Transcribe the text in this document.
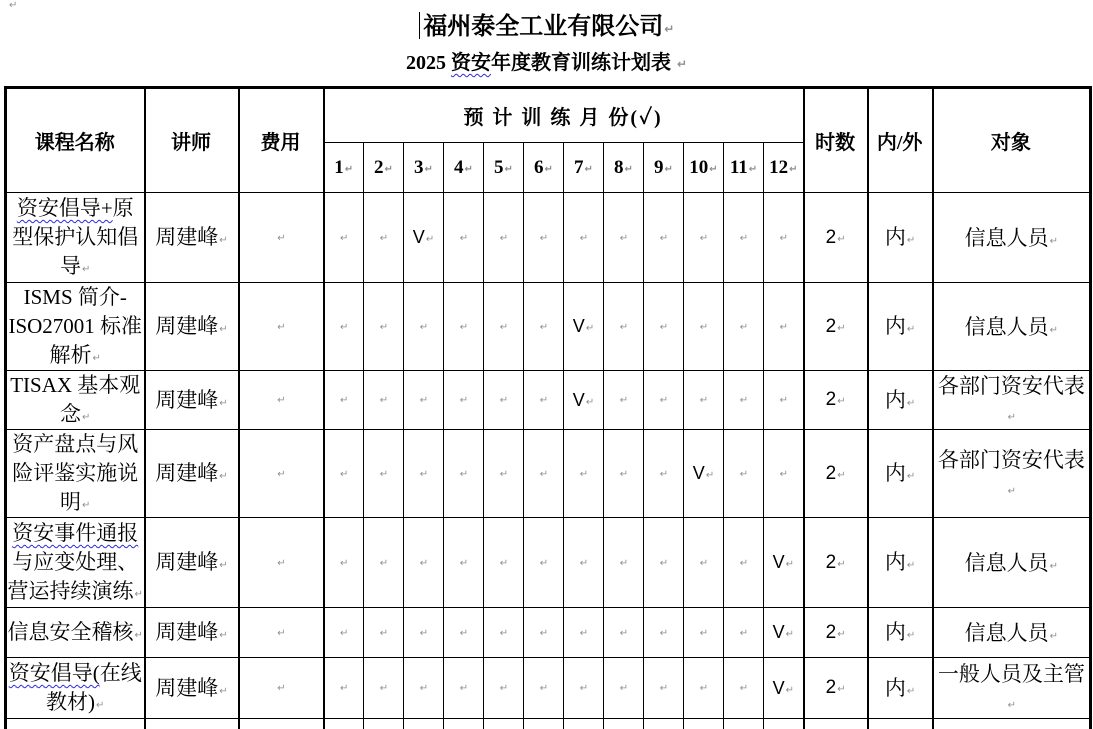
↵
福州泰全工业有限公司↵
2025 资安年度教育训练计划表 ↵
课程名称	讲师	费用	预 计 训 练 月 份(✓)												时数	内/外	对象
			1↵	2↵	3↵	4↵	5↵	6↵	7↵	8↵	9↵	10↵	11↵	12↵			
资安倡导+原型保护认知倡导↵	周建峰↵	↵	↵	↵	V↵	↵	↵	↵	↵	↵	↵	↵	↵	↵	2↵	内↵	信息人员↵
ISMS 简介-ISO27001 标准解析↵	周建峰↵	↵	↵	↵	↵	↵	↵	↵	V↵	↵	↵	↵	↵	↵	2↵	内↵	信息人员↵
TISAX 基本观念↵	周建峰↵	↵	↵	↵	↵	↵	↵	↵	V↵	↵	↵	↵	↵	↵	2↵	内↵	各部门资安代表↵
资产盘点与风险评鉴实施说明↵	周建峰↵	↵	↵	↵	↵	↵	↵	↵	↵	↵	↵	V↵	↵	↵	2↵	内↵	各部门资安代表↵
资安事件通报与应变处理、营运持续演练↵	周建峰↵	↵	↵	↵	↵	↵	↵	↵	↵	↵	↵	↵	↵	V↵	2↵	内↵	信息人员↵
信息安全稽核↵	周建峰↵	↵	↵	↵	↵	↵	↵	↵	↵	↵	↵	↵	↵	V↵	2↵	内↵	信息人员↵
资安倡导(在线教材)↵	周建峰↵	↵	↵	↵	↵	↵	↵	↵	↵	↵	↵	↵	↵	V↵	2↵	内↵	一般人员及主管↵
